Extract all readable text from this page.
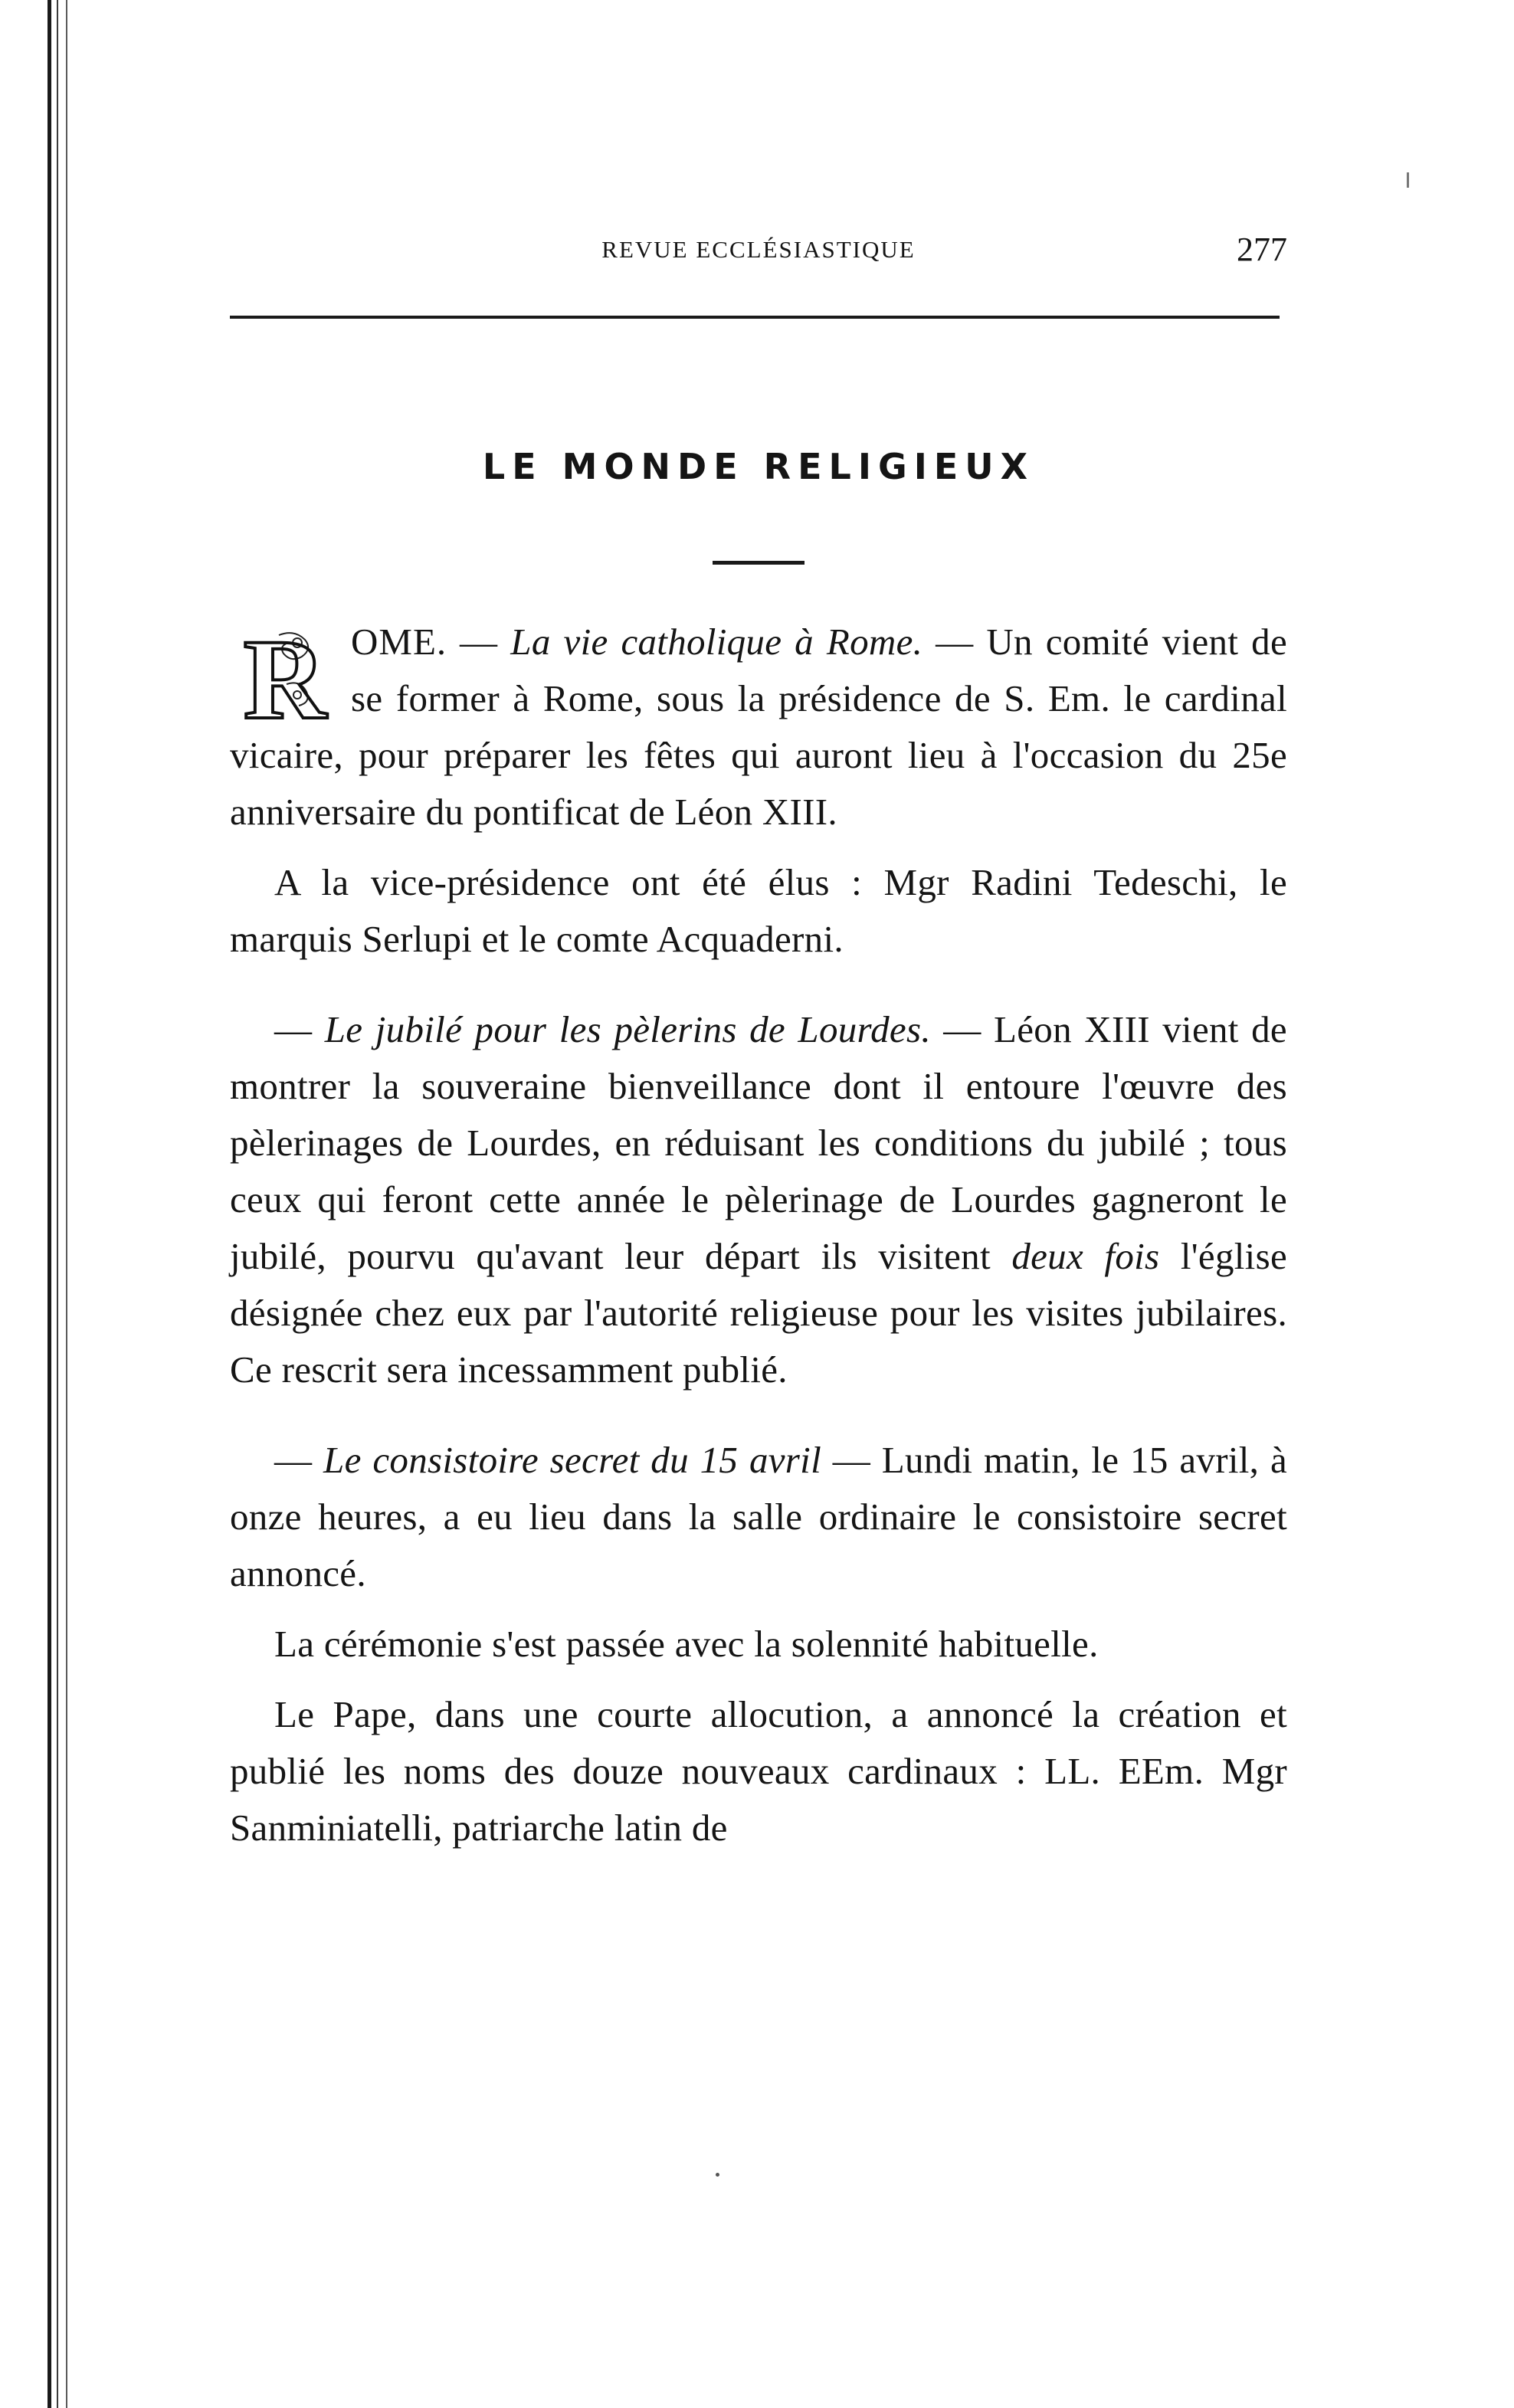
REVUE ECCLÉSIASTIQUE	277
LE MONDE RELIGIEUX

R OME. — La vie catholique à Rome. — Un comité vient de se former à Rome, sous la présidence de S. Em. le cardinal vicaire, pour préparer les fêtes qui auront lieu à l'occasion du 25e anniversaire du pontificat de Léon XIII.

A la vice-présidence ont été élus : Mgr Radini Tedeschi, le marquis Serlupi et le comte Acquaderni.

— Le jubilé pour les pèlerins de Lourdes. — Léon XIII vient de montrer la souveraine bienveillance dont il entoure l'œuvre des pèlerinages de Lourdes, en réduisant les conditions du jubilé ; tous ceux qui feront cette année le pèlerinage de Lourdes gagneront le jubilé, pourvu qu'avant leur départ ils visitent deux fois l'église désignée chez eux par l'autorité religieuse pour les visites jubilaires. Ce rescrit sera incessamment publié.

— Le consistoire secret du 15 avril — Lundi matin, le 15 avril, à onze heures, a eu lieu dans la salle ordinaire le consistoire secret annoncé.

La cérémonie s'est passée avec la solennité habituelle.

Le Pape, dans une courte allocution, a annoncé la création et publié les noms des douze nouveaux cardinaux : LL. EEm. Mgr Sanminiatelli, patriarche latin de
